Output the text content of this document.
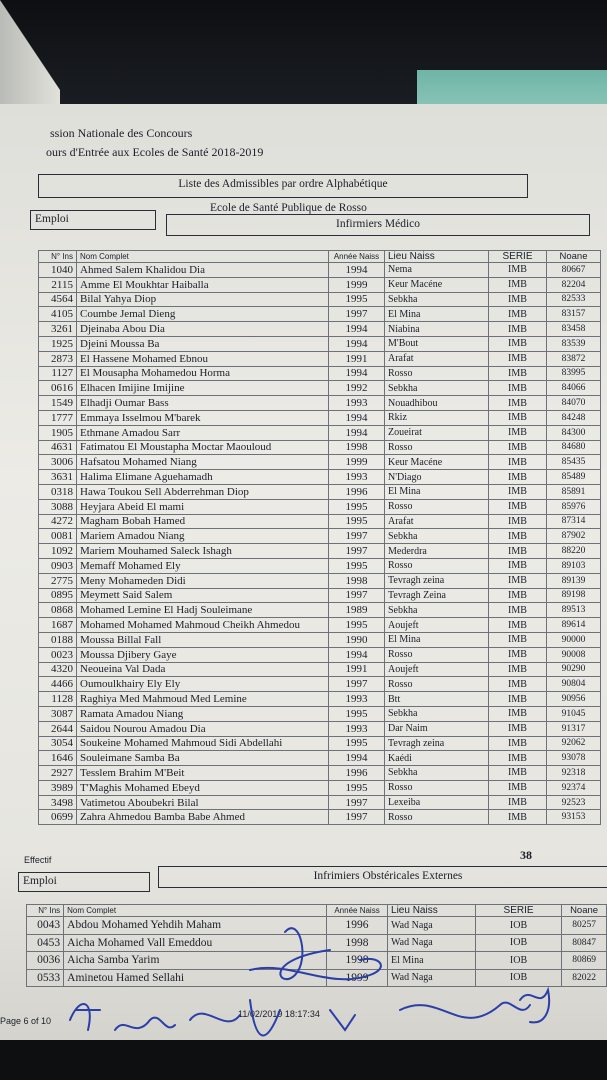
ssion Nationale des Concours
ours d'Entrée aux Ecoles de Santé 2018-2019
Liste des Admissibles par ordre Alphabétique
Ecole de Santé Publique de Rosso
Emploi	Infirmiers Médico
N° Ins	Nom Complet	Année Naiss	Lieu Naiss	SERIE	Noane
1040	Ahmed Salem Khalidou Dia	1994	Nema	IMB	80667
2115	Amme El Moukhtar Haiballa	1999	Keur Macéne	IMB	82204
4564	Bilal Yahya Diop	1995	Sebkha	IMB	82533
4105	Coumbe Jemal Dieng	1997	El Mina	IMB	83157
3261	Djeinaba Abou Dia	1994	Niabina	IMB	83458
1925	Djeini Moussa Ba	1994	M'Bout	IMB	83539
2873	El Hassene Mohamed Ebnou	1991	Arafat	IMB	83872
1127	El Mousapha Mohamedou Horma	1994	Rosso	IMB	83995
0616	Elhacen Imijine Imijine	1992	Sebkha	IMB	84066
1549	Elhadji Oumar Bass	1993	Nouadhibou	IMB	84070
1777	Emmaya Isselmou M'barek	1994	Rkiz	IMB	84248
1905	Ethmane Amadou Sarr	1994	Zoueirat	IMB	84300
4631	Fatimatou El Moustapha Moctar Maouloud	1998	Rosso	IMB	84680
3006	Hafsatou Mohamed Niang	1999	Keur Macéne	IMB	85435
3631	Halima Elimane Aguehamadh	1993	N'Diago	IMB	85489
0318	Hawa Toukou Sell Abderrehman Diop	1996	El Mina	IMB	85891
3088	Heyjara Abeid El mami	1995	Rosso	IMB	85976
4272	Magham Bobah Hamed	1995	Arafat	IMB	87314
0081	Mariem Amadou Niang	1997	Sebkha	IMB	87902
1092	Mariem Mouhamed Saleck Ishagh	1997	Mederdra	IMB	88220
0903	Memaff Mohamed Ely	1995	Rosso	IMB	89103
2775	Meny Mohameden Didi	1998	Tevragh zeina	IMB	89139
0895	Meymett Said Salem	1997	Tevragh Zeina	IMB	89198
0868	Mohamed Lemine El Hadj Souleimane	1989	Sebkha	IMB	89513
1687	Mohamed Mohamed Mahmoud Cheikh Ahmedou	1995	Aoujeft	IMB	89614
0188	Moussa Billal Fall	1990	El Mina	IMB	90000
0023	Moussa Djibery Gaye	1994	Rosso	IMB	90008
4320	Neoueina Val Dada	1991	Aoujeft	IMB	90290
4466	Oumoulkhairy Ely Ely	1997	Rosso	IMB	90804
1128	Raghiya Med Mahmoud Med Lemine	1993	Btt	IMB	90956
3087	Ramata Amadou Niang	1995	Sebkha	IMB	91045
2644	Saidou Nourou Amadou Dia	1993	Dar Naim	IMB	91317
3054	Soukeine Mohamed Mahmoud Sidi Abdellahi	1995	Tevragh zeina	IMB	92062
1646	Souleimane Samba Ba	1994	Kaédi	IMB	93078
2927	Tesslem Brahim M'Beit	1996	Sebkha	IMB	92318
3989	T'Maghis Mohamed Ebeyd	1995	Rosso	IMB	92374
3498	Vatimetou Aboubekri Bilal	1997	Lexeiba	IMB	92523
0699	Zahra Ahmedou Bamba Babe Ahmed	1997	Rosso	IMB	93153
Effectif	38
Emploi	Infrimiers Obstéricales Externes
N° Ins	Nom Complet	Année Naiss	Lieu Naiss	SERIE	Noane
0043	Abdou Mohamed Yehdih Maham	1996	Wad Naga	IOB	80257
0453	Aicha Mohamed Vall Emeddou	1998	Wad Naga	IOB	80847
0036	Aicha Samba Yarim	1998	El Mina	IOB	80869
0533	Aminetou Hamed Sellahi	1999	Wad Naga	IOB	82022
Page 6 of 10
11/02/2019 18:17:34
